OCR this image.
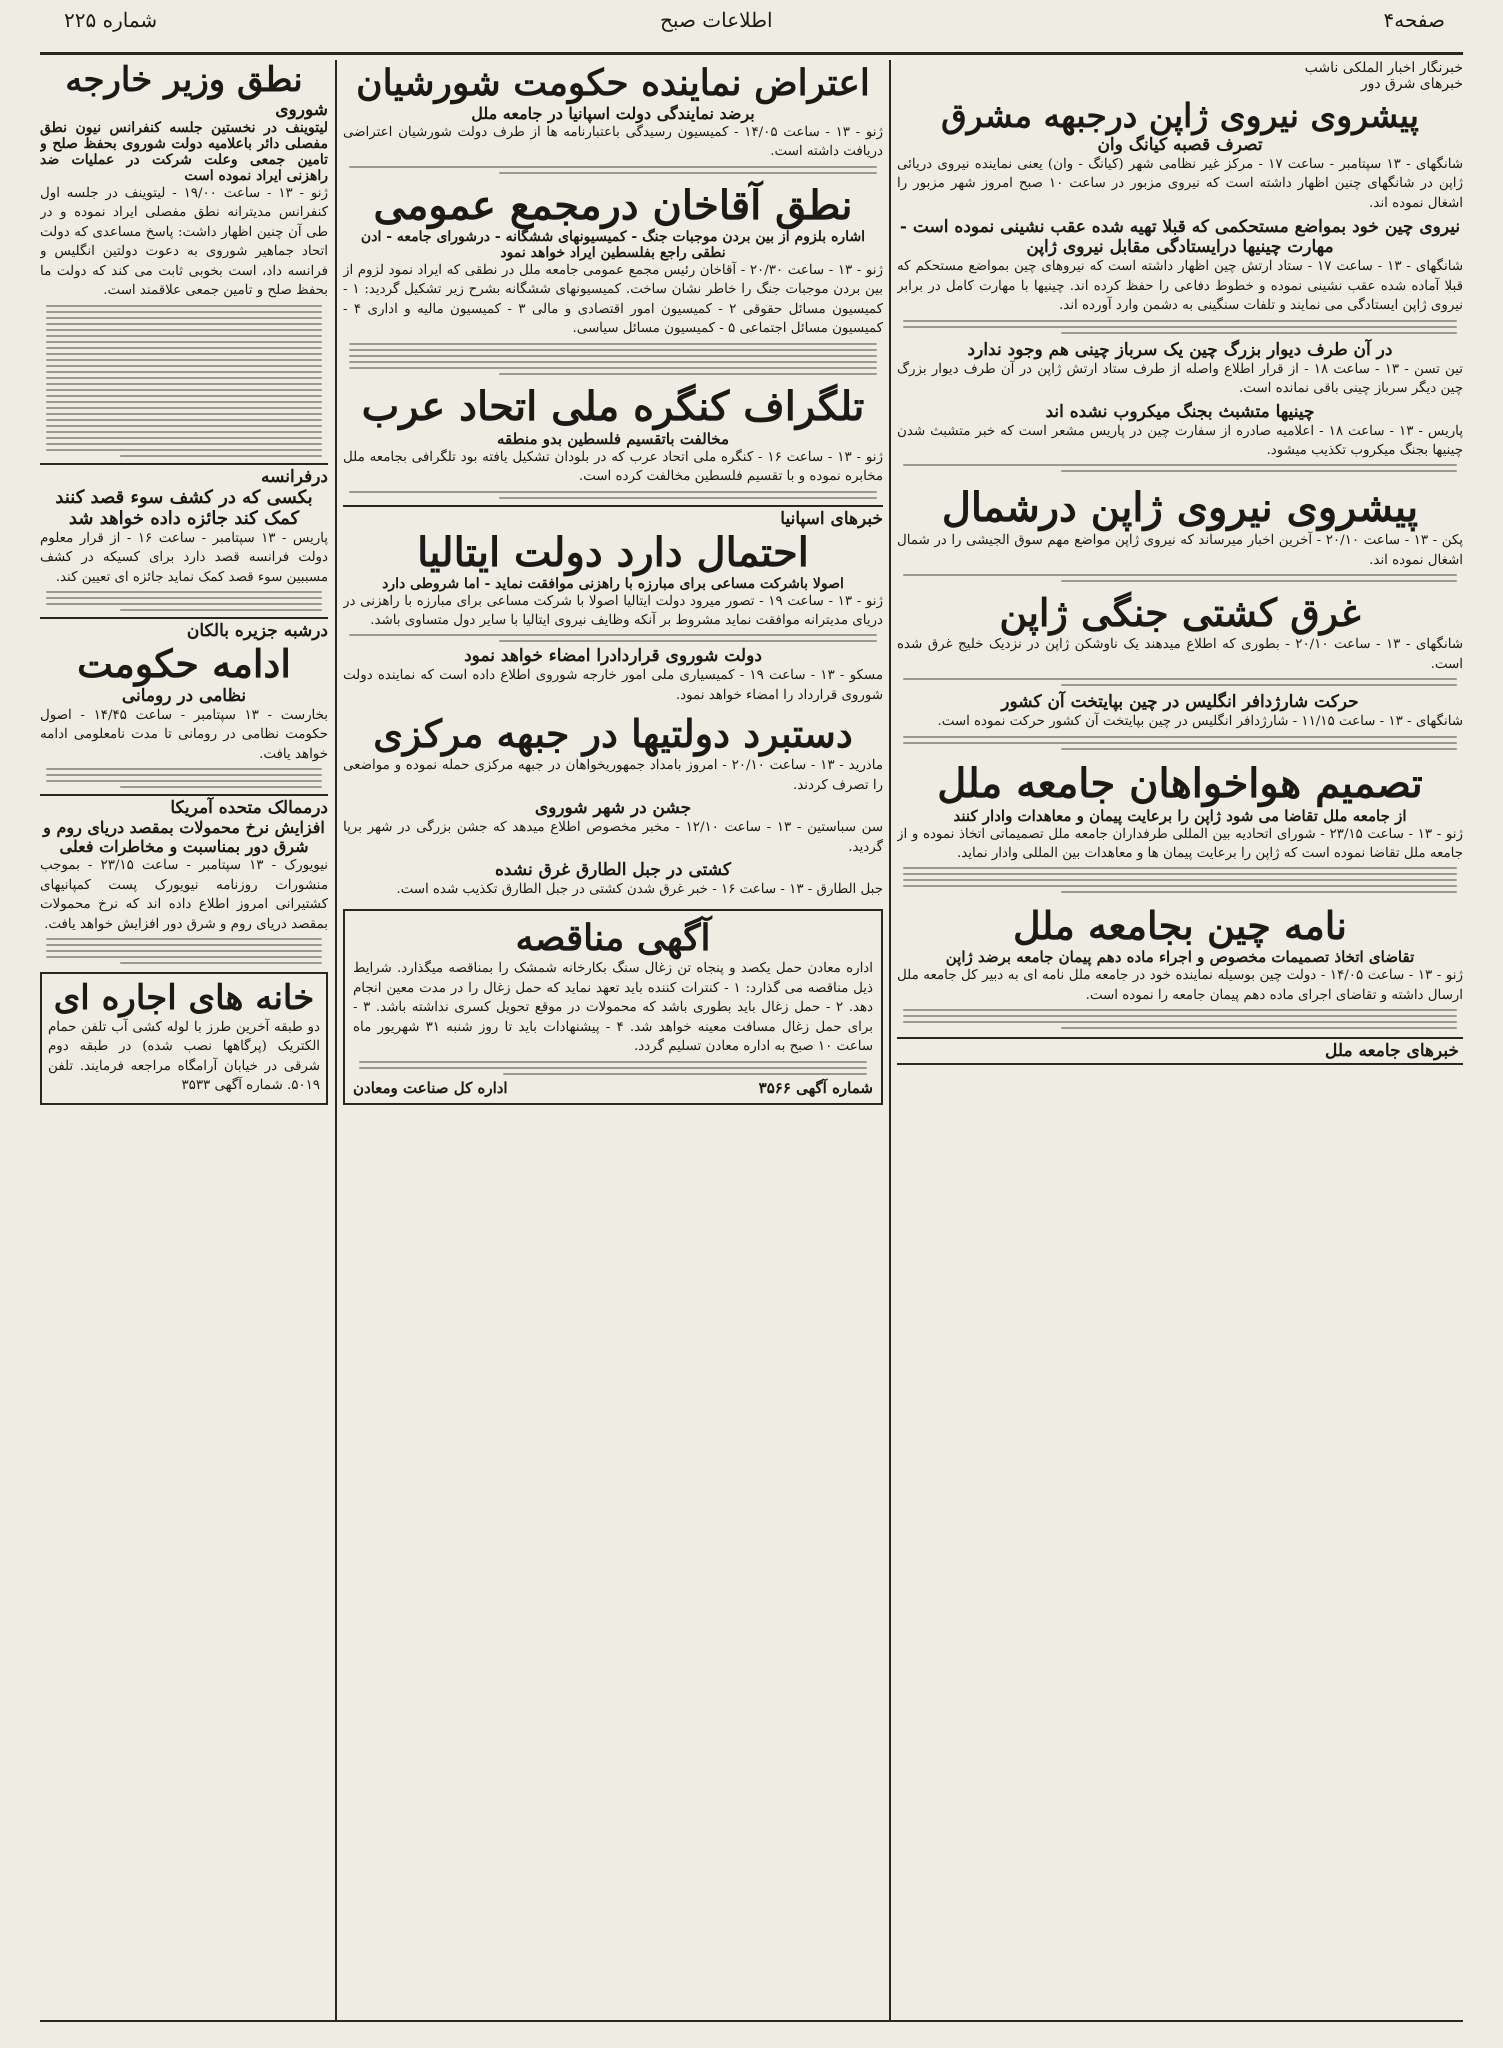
صفحه۴
اطلاعات صبح
شماره ۲۲۵
خبرنگار اخبار الملکی ناشب
خبرهای شرق دور
پیشروی نیروی ژاپن درجبهه مشرق
تصرف قصبه کیانگ وان

شانگهای - ۱۳ سپتامبر - ساعت ۱۷ - مرکز غیر نظامی شهر (کیانگ - وان) یعنی نماینده نیروی دریائی ژاپن در شانگهای چنین اظهار داشته است که نیروی مزبور در ساعت ۱۰ صبح امروز شهر مزبور را اشغال نموده اند.

نیروی چین خود بمواضع مستحکمی که قبلا تهیه شده عقب نشینی نموده است - مهارت چینیها درایستادگی مقابل نیروی ژاپن

شانگهای - ۱۳ - ساعت ۱۷ - ستاد ارتش چین اظهار داشته است که نیروهای چین بمواضع مستحکم که قبلا آماده شده عقب نشینی نموده و خطوط دفاعی را حفظ کرده اند. چینیها با مهارت کامل در برابر نیروی ژاپن ایستادگی می نمایند و تلفات سنگینی به دشمن وارد آورده اند.

در آن طرف دیوار بزرگ چین یک سرباز چینی هم وجود ندارد

تین تسن - ۱۳ - ساعت ۱۸ - از قرار اطلاع واصله از طرف ستاد ارتش ژاپن در آن طرف دیوار بزرگ چین دیگر سرباز چینی باقی نمانده است.

چینیها متشبث بجنگ میکروب نشده اند

پاریس - ۱۳ - ساعت ۱۸ - اعلامیه صادره از سفارت چین در پاریس مشعر است که خبر متشبث شدن چینیها بجنگ میکروب تکذیب میشود.

پیشروی نیروی ژاپن درشمال

پکن - ۱۳ - ساعت ۲۰/۱۰ - آخرین اخبار میرساند که نیروی ژاپن مواضع مهم سوق الجیشی را در شمال اشغال نموده اند.

غرق کشتی جنگی ژاپن

شانگهای - ۱۳ - ساعت ۲۰/۱۰ - بطوری که اطلاع میدهند یک ناوشکن ژاپن در نزدیک خلیج غرق شده است.

حرکت شارژدافر انگلیس در چین بپایتخت آن کشور

شانگهای - ۱۳ - ساعت ۱۱/۱۵ - شارژدافر انگلیس در چین بپایتخت آن کشور حرکت نموده است.

تصمیم هواخواهان جامعه ملل
از جامعه ملل تقاضا می شود ژاپن را برعایت پیمان و معاهدات وادار کنند

ژنو - ۱۳ - ساعت ۲۳/۱۵ - شورای اتحادیه بین المللی طرفداران جامعه ملل تصمیماتی اتخاذ نموده و از جامعه ملل تقاضا نموده است که ژاپن را برعایت پیمان ها و معاهدات بین المللی وادار نماید.

نامه چین بجامعه ملل
تقاضای اتخاذ تصمیمات مخصوص و اجراء ماده دهم پیمان جامعه برضد ژاپن

ژنو - ۱۳ - ساعت ۱۴/۰۵ - دولت چین بوسیله نماینده خود در جامعه ملل نامه ای به دبیر کل جامعه ملل ارسال داشته و تقاضای اجرای ماده دهم پیمان جامعه را نموده است.

خبرهای جامعه ملل
اعتراض نماینده حکومت شورشیان
برضد نمایندگی دولت اسپانیا در جامعه ملل

ژنو - ۱۳ - ساعت ۱۴/۰۵ - کمیسیون رسیدگی باعتبارنامه ها از طرف دولت شورشیان اعتراضی دریافت داشته است.

نطق آقاخان درمجمع عمومی
اشاره بلزوم از بین بردن موجبات جنگ - کمیسیونهای ششگانه - درشورای جامعه - ادن نطقی راجع بفلسطین ایراد خواهد نمود

ژنو - ۱۳ - ساعت ۲۰/۳۰ - آقاخان رئیس مجمع عمومی جامعه ملل در نطقی که ایراد نمود لزوم از بین بردن موجبات جنگ را خاطر نشان ساخت. کمیسیونهای ششگانه بشرح زیر تشکیل گردید: ۱ - کمیسیون مسائل حقوقی ۲ - کمیسیون امور اقتصادی و مالی ۳ - کمیسیون مالیه و اداری ۴ - کمیسیون مسائل اجتماعی ۵ - کمیسیون مسائل سیاسی.

تلگراف کنگره ملی اتحاد عرب
مخالفت باتقسیم فلسطین بدو منطقه

ژنو - ۱۳ - ساعت ۱۶ - کنگره ملی اتحاد عرب که در بلودان تشکیل یافته بود تلگرافی بجامعه ملل مخابره نموده و با تقسیم فلسطین مخالفت کرده است.

خبرهای اسپانیا
احتمال دارد دولت ایتالیا
اصولا باشرکت مساعی برای مبارزه با راهزنی موافقت نماید - اما شروطی دارد

ژنو - ۱۳ - ساعت ۱۹ - تصور میرود دولت ایتالیا اصولا با شرکت مساعی برای مبارزه با راهزنی در دریای مدیترانه موافقت نماید مشروط بر آنکه وظایف نیروی ایتالیا با سایر دول متساوی باشد.

دولت شوروی قراردادرا امضاء خواهد نمود

مسکو - ۱۳ - ساعت ۱۹ - کمیسیاری ملی امور خارجه شوروی اطلاع داده است که نماینده دولت شوروی قرارداد را امضاء خواهد نمود.

دستبرد دولتیها در جبهه مرکزی

مادرید - ۱۳ - ساعت ۲۰/۱۰ - امروز بامداد جمهوریخواهان در جبهه مرکزی حمله نموده و مواضعی را تصرف کردند.

جشن در شهر شوروی

سن سباستین - ۱۳ - ساعت ۱۲/۱۰ - مخبر مخصوص اطلاع میدهد که جشن بزرگی در شهر برپا گردید.

کشتی در جبل الطارق غرق نشده

جبل الطارق - ۱۳ - ساعت ۱۶ - خبر غرق شدن کشتی در جبل الطارق تکذیب شده است.

آگهی مناقصه

اداره معادن حمل یکصد و پنجاه تن زغال سنگ بکارخانه شمشک را بمناقصه میگذارد. شرایط ذیل مناقصه می گذارد: ۱ - کنترات کننده باید تعهد نماید که حمل زغال را در مدت معین انجام دهد. ۲ - حمل زغال باید بطوری باشد که محمولات در موقع تحویل کسری نداشته باشد. ۳ - برای حمل زغال مسافت معینه خواهد شد. ۴ - پیشنهادات باید تا روز شنبه ۳۱ شهریور ماه ساعت ۱۰ صبح به اداره معادن تسلیم گردد.

شماره آگهی ۳۵۶۶
اداره کل صناعت ومعادن
نطق وزیر خارجه
شوروی
لیتوینف در نخستین جلسه کنفرانس نیون نطق مفصلی دائر باعلامیه دولت شوروی بحفظ صلح و تامین جمعی وعلت شرکت در عملیات ضد راهزنی ایراد نموده است

ژنو - ۱۳ - ساعت ۱۹/۰۰ - لیتوینف در جلسه اول کنفرانس مدیترانه نطق مفصلی ایراد نموده و در طی آن چنین اظهار داشت: پاسخ مساعدی که دولت اتحاد جماهیر شوروی به دعوت دولتین انگلیس و فرانسه داد، است بخوبی ثابت می کند که دولت ما بحفظ صلح و تامین جمعی علاقمند است.

درفرانسه
بکسی که در کشف سوء قصد کنند
کمک کند جائزه داده خواهد شد

پاریس - ۱۳ سپتامبر - ساعت ۱۶ - از قرار معلوم دولت فرانسه قصد دارد برای کسیکه در کشف مسببین سوء قصد کمک نماید جائزه ای تعیین کند.

درشبه جزیره بالکان
ادامه حکومت
نظامی در رومانی

بخارست - ۱۳ سپتامبر - ساعت ۱۴/۴۵ - اصول حکومت نظامی در رومانی تا مدت نامعلومی ادامه خواهد یافت.

درممالک متحده آمریکا
افزایش نرخ محمولات بمقصد دریای روم و شرق دور بمناسبت و مخاطرات فعلی

نیویورک - ۱۳ سپتامبر - ساعت ۲۳/۱۵ - بموجب منشورات روزنامه نیویورک پست کمپانیهای کشتیرانی امروز اطلاع داده اند که نرخ محمولات بمقصد دریای روم و شرق دور افزایش خواهد یافت.

خانه های اجاره ای

دو طبقه آخرین طرز با لوله کشی آب تلفن حمام الکتریک (پرگاهها نصب شده) در طبقه دوم شرقی در خیابان آرامگاه مراجعه فرمایند. تلفن ۵۰۱۹. شماره آگهی ۳۵۳۳
